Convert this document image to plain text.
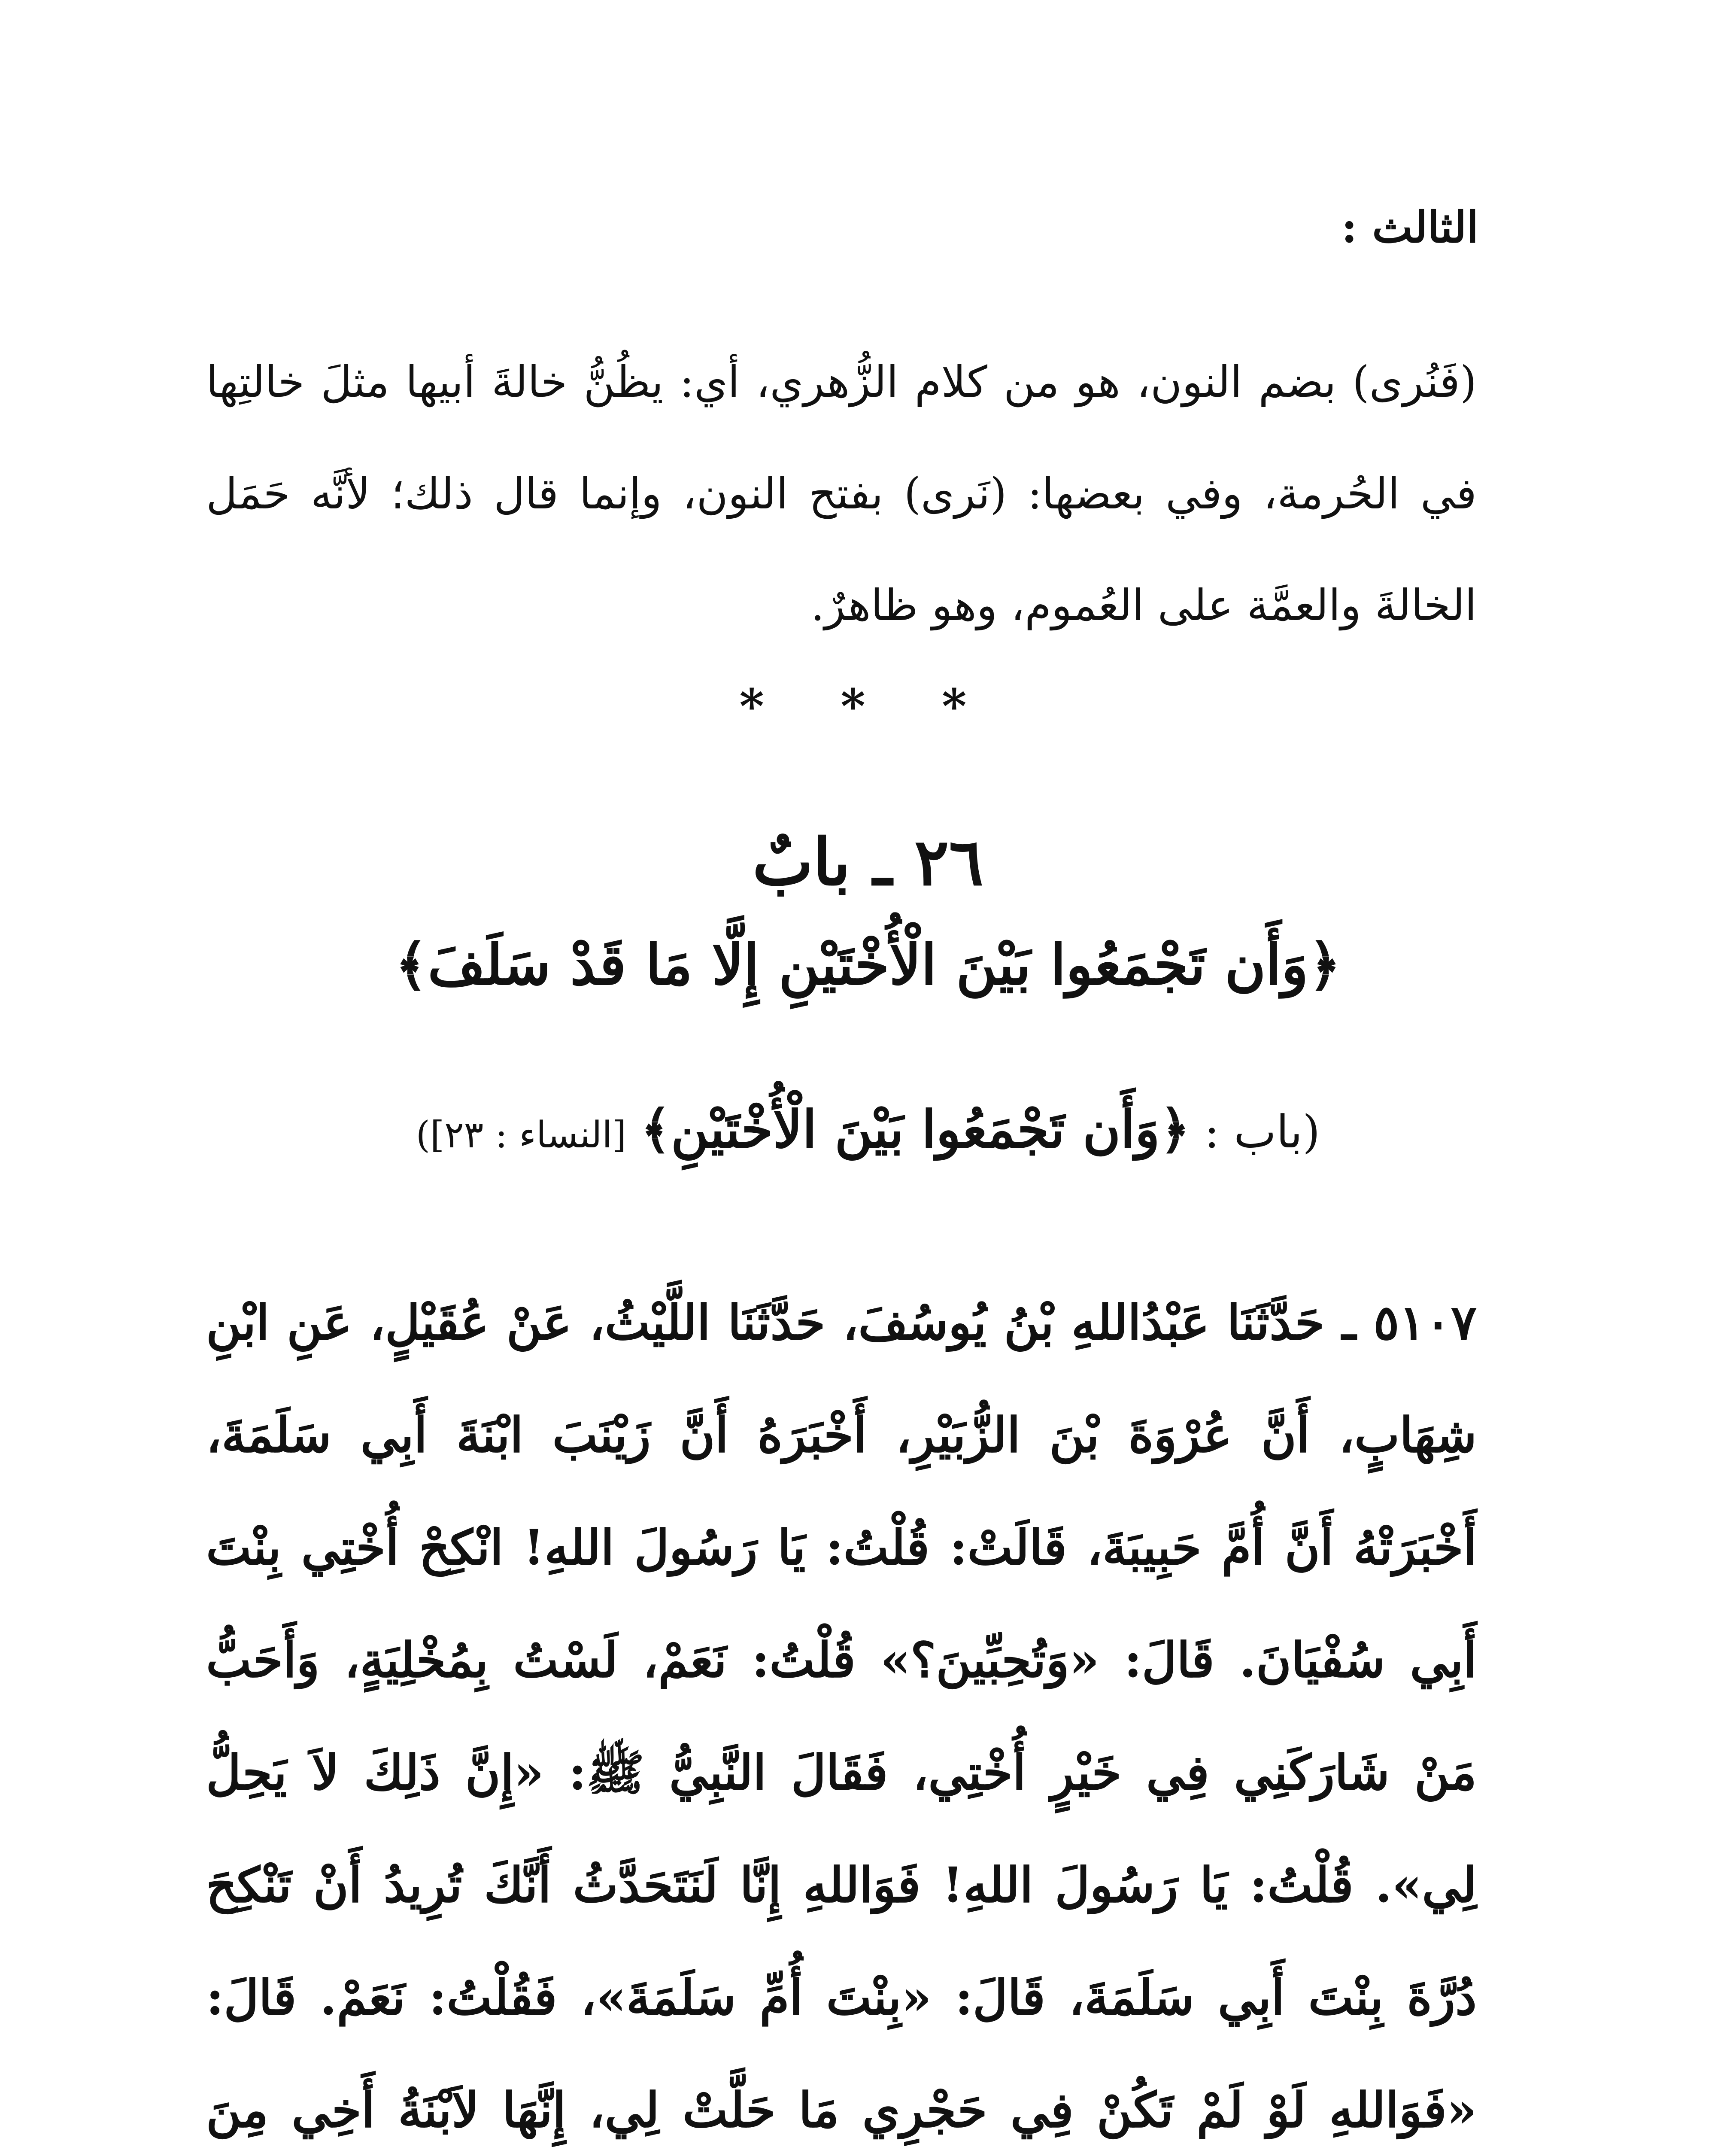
الثالث :

(فَنُرى) بضم النون، هو من كلام الزُّهري، أي: يظُنُّ خالةَ أبيها مثلَ خالتِها في الحُرمة، وفي بعضها: (نَرى) بفتح النون، وإنما قال ذلك؛ لأنَّه حَمَل الخالةَ والعمَّة على العُموم، وهو ظاهرٌ.

* * *
٢٦ ـ بابٌ
﴿وَأَن تَجْمَعُوا بَيْنَ الْأُخْتَيْنِ إِلَّا مَا قَدْ سَلَفَ﴾
(باب : ﴿وَأَن تَجْمَعُوا بَيْنَ الْأُخْتَيْنِ﴾ [النساء : ٢٣])

٥١٠٧ ـ حَدَّثَنَا عَبْدُاللهِ بْنُ يُوسُفَ، حَدَّثَنَا اللَّيْثُ، عَنْ عُقَيْلٍ، عَنِ ابْنِ شِهَابٍ، أَنَّ عُرْوَةَ بْنَ الزُّبَيْرِ، أَخْبَرَهُ أَنَّ زَيْنَبَ ابْنَةَ أَبِي سَلَمَةَ، أَخْبَرَتْهُ أَنَّ أُمَّ حَبِيبَةَ، قَالَتْ: قُلْتُ: يَا رَسُولَ اللهِ! انْكِحْ أُخْتِي بِنْتَ أَبِي سُفْيَانَ. قَالَ: «وَتُحِبِّينَ؟» قُلْتُ: نَعَمْ، لَسْتُ بِمُخْلِيَةٍ، وَأَحَبُّ مَنْ شَارَكَنِي فِي خَيْرٍ أُخْتِي، فَقَالَ النَّبِيُّ ﷺ: «إِنَّ ذَلِكَ لاَ يَحِلُّ لِي». قُلْتُ: يَا رَسُولَ اللهِ! فَوَاللهِ إِنَّا لَنَتَحَدَّثُ أَنَّكَ تُرِيدُ أَنْ تَنْكِحَ دُرَّةَ بِنْتَ أَبِي سَلَمَةَ، قَالَ: «بِنْتَ أُمِّ سَلَمَةَ»، فَقُلْتُ: نَعَمْ. قَالَ: «فَوَاللهِ لَوْ لَمْ تَكُنْ فِي حَجْرِي مَا حَلَّتْ لِي، إِنَّهَا لاَبْنَةُ أَخِي مِنَ
